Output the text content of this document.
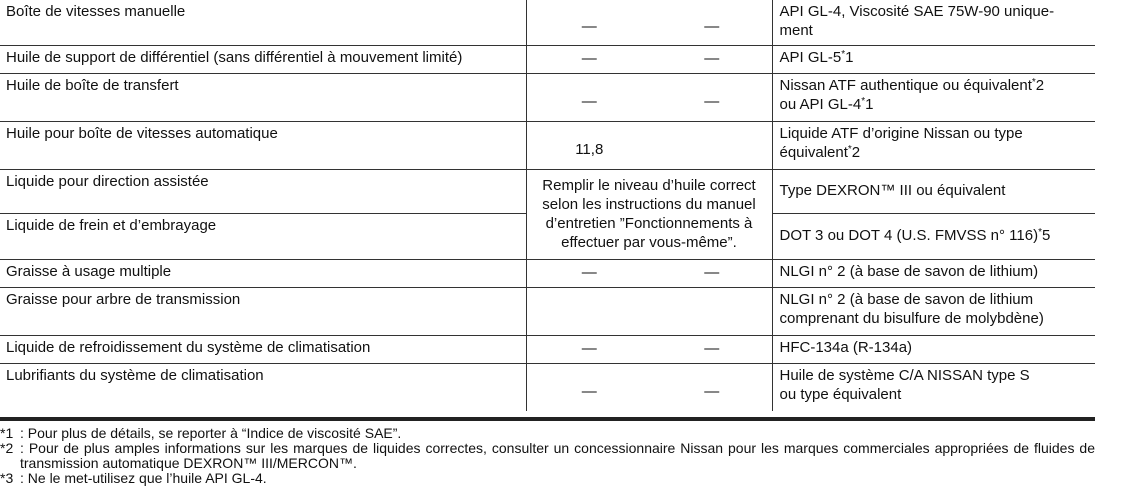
Boîte de vitesses manuelle	—	—	API GL-4, Viscosité SAE 75W-90 unique-
ment
Huile de support de différentiel (sans différentiel à mouvement limité)	—	—	API GL-5*1
Huile de boîte de transfert	—	—	Nissan ATF authentique ou équivalent*2
ou API GL-4*1
Huile pour boîte de vitesses automatique	11,8		Liquide ATF d’origine Nissan ou type
équivalent*2
Liquide pour direction assistée	Remplir le niveau d’huile correct selon les instructions du manuel d’entretien ”Fonctionnements à effectuer par vous-même”.		Type DEXRON™ III ou équivalent
Liquide de frein et d’embrayage			DOT 3 ou DOT 4 (U.S. FMVSS n° 116)*5
Graisse à usage multiple	—	—	NLGI n° 2 (à base de savon de lithium)
Graisse pour arbre de transmission			NLGI n° 2 (à base de savon de lithium
comprenant du bisulfure de molybdène)
Liquide de refroidissement du système de climatisation	—	—	HFC-134a (R-134a)
Lubrifiants du système de climatisation	—	—	Huile de système C/A NISSAN type S
ou type équivalent
*1 : Pour plus de détails, se reporter à “Indice de viscosité SAE”.
*2 : Pour de plus amples informations sur les marques de liquides correctes, consulter un concessionnaire Nissan pour les marques commerciales appropriées de fluides de transmission automatique DEXRON™ III/MERCON™.
*3 : Ne le met-utilisez que l’huile API GL-4.
